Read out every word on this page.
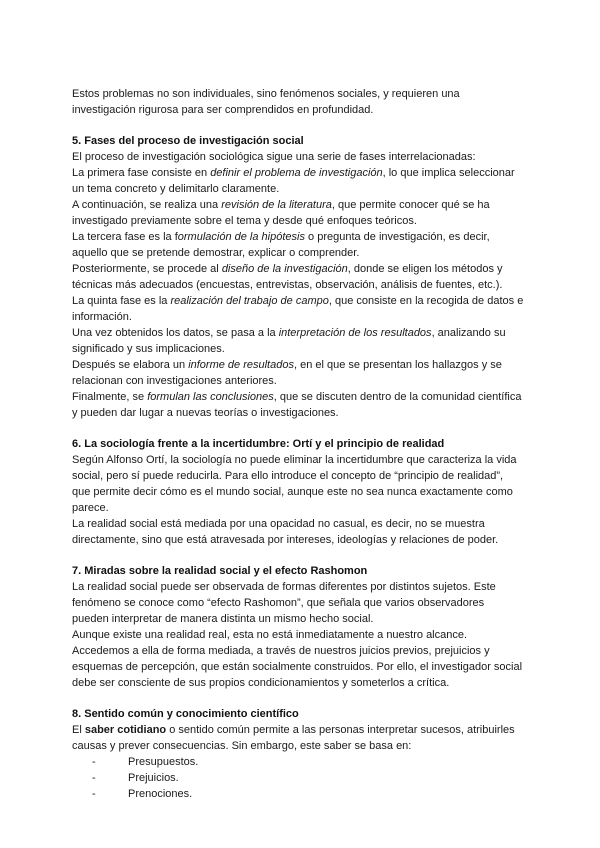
Estos problemas no son individuales, sino fenómenos sociales, y requieren una

investigación rigurosa para ser comprendidos en profundidad.

5. Fases del proceso de investigación social

El proceso de investigación sociológica sigue una serie de fases interrelacionadas:

La primera fase consiste en definir el problema de investigación, lo que implica seleccionar

un tema concreto y delimitarlo claramente.

A continuación, se realiza una revisión de la literatura, que permite conocer qué se ha

investigado previamente sobre el tema y desde qué enfoques teóricos.

La tercera fase es la formulación de la hipótesis o pregunta de investigación, es decir,

aquello que se pretende demostrar, explicar o comprender.

Posteriormente, se procede al diseño de la investigación, donde se eligen los métodos y

técnicas más adecuados (encuestas, entrevistas, observación, análisis de fuentes, etc.).

La quinta fase es la realización del trabajo de campo, que consiste en la recogida de datos e

información.

Una vez obtenidos los datos, se pasa a la interpretación de los resultados, analizando su

significado y sus implicaciones.

Después se elabora un informe de resultados, en el que se presentan los hallazgos y se

relacionan con investigaciones anteriores.

Finalmente, se formulan las conclusiones, que se discuten dentro de la comunidad científica

y pueden dar lugar a nuevas teorías o investigaciones.

6. La sociología frente a la incertidumbre: Ortí y el principio de realidad

Según Alfonso Ortí, la sociología no puede eliminar la incertidumbre que caracteriza la vida

social, pero sí puede reducirla. Para ello introduce el concepto de “principio de realidad”,

que permite decir cómo es el mundo social, aunque este no sea nunca exactamente como

parece.

La realidad social está mediada por una opacidad no casual, es decir, no se muestra

directamente, sino que está atravesada por intereses, ideologías y relaciones de poder.

7. Miradas sobre la realidad social y el efecto Rashomon

La realidad social puede ser observada de formas diferentes por distintos sujetos. Este

fenómeno se conoce como “efecto Rashomon”, que señala que varios observadores

pueden interpretar de manera distinta un mismo hecho social.

Aunque existe una realidad real, esta no está inmediatamente a nuestro alcance.

Accedemos a ella de forma mediada, a través de nuestros juicios previos, prejuicios y

esquemas de percepción, que están socialmente construidos. Por ello, el investigador social

debe ser consciente de sus propios condicionamientos y someterlos a crítica.

8. Sentido común y conocimiento científico

El saber cotidiano o sentido común permite a las personas interpretar sucesos, atribuirles

causas y prever consecuencias. Sin embargo, este saber se basa en:

-	Presupuestos.
-	Prejuicios.
-	Prenociones.
